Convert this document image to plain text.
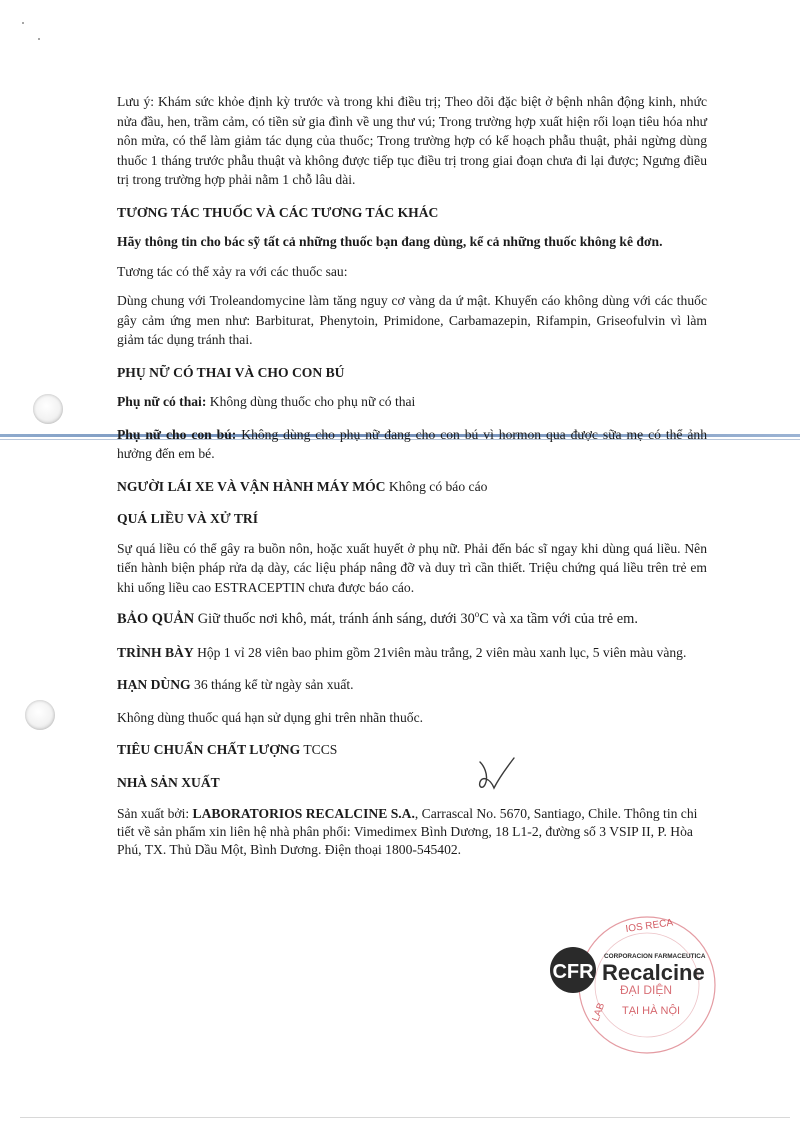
Lưu ý: Khám sức khỏe định kỳ trước và trong khi điều trị; Theo dõi đặc biệt ở bệnh nhân động kinh, nhức nửa đầu, hen, trầm cảm, có tiền sử gia đình về ung thư vú; Trong trường hợp xuất hiện rối loạn tiêu hóa như nôn mửa, có thể làm giảm tác dụng của thuốc; Trong trường hợp có kế hoạch phẫu thuật, phải ngừng dùng thuốc 1 tháng trước phẫu thuật và không được tiếp tục điều trị trong giai đoạn chưa đi lại được; Ngưng điều trị trong trường hợp phải nằm 1 chỗ lâu dài.

TƯƠNG TÁC THUỐC VÀ CÁC TƯƠNG TÁC KHÁC

Hãy thông tin cho bác sỹ tất cả những thuốc bạn đang dùng, kể cả những thuốc không kê đơn.

Tương tác có thể xảy ra với các thuốc sau:

Dùng chung với Troleandomycine làm tăng nguy cơ vàng da ứ mật. Khuyến cáo không dùng với các thuốc gây cảm ứng men như: Barbiturat, Phenytoin, Primidone, Carbamazepin, Rifampin, Griseofulvin vì làm giảm tác dụng tránh thai.

PHỤ NỮ CÓ THAI VÀ CHO CON BÚ

Phụ nữ có thai: Không dùng thuốc cho phụ nữ có thai

Phụ nữ cho con bú: Không dùng cho phụ nữ đang cho con bú vì hormon qua được sữa mẹ có thể ảnh hưởng đến em bé.

NGƯỜI LÁI XE VÀ VẬN HÀNH MÁY MÓC Không có báo cáo

QUÁ LIỀU VÀ XỬ TRÍ

Sự quá liều có thể gây ra buồn nôn, hoặc xuất huyết ở phụ nữ. Phải đến bác sĩ ngay khi dùng quá liều. Nên tiến hành biện pháp rửa dạ dày, các liệu pháp nâng đỡ và duy trì cần thiết. Triệu chứng quá liều trên trẻ em khi uống liều cao ESTRACEPTIN chưa được báo cáo.

BẢO QUẢN Giữ thuốc nơi khô, mát, tránh ánh sáng, dưới 30$^o$C và xa tầm với của trẻ em.

TRÌNH BÀY Hộp 1 vỉ 28 viên bao phim gồm 21viên màu trắng, 2 viên màu xanh lục, 5 viên màu vàng.

HẠN DÙNG 36 tháng kể từ ngày sản xuất.

Không dùng thuốc quá hạn sử dụng ghi trên nhãn thuốc.

TIÊU CHUẨN CHẤT LƯỢNG TCCS

NHÀ SẢN XUẤT

Sản xuất bởi: LABORATORIOS RECALCINE S.A., Carrascal No. 5670, Santiago, Chile. Thông tin chi tiết về sản phẩm xin liên hệ nhà phân phối: Vimedimex Bình Dương, 18 L1-2, đường số 3 VSIP II, P. Hòa Phú, TX. Thủ Dầu Một, Bình Dương. Điện thoại 1800-545402.

IOS RECA
LAB
CFR
CORPORACION FARMACEUTICA
Recalcine
ĐẠI DIỆN
TẠI HÀ NỘI
